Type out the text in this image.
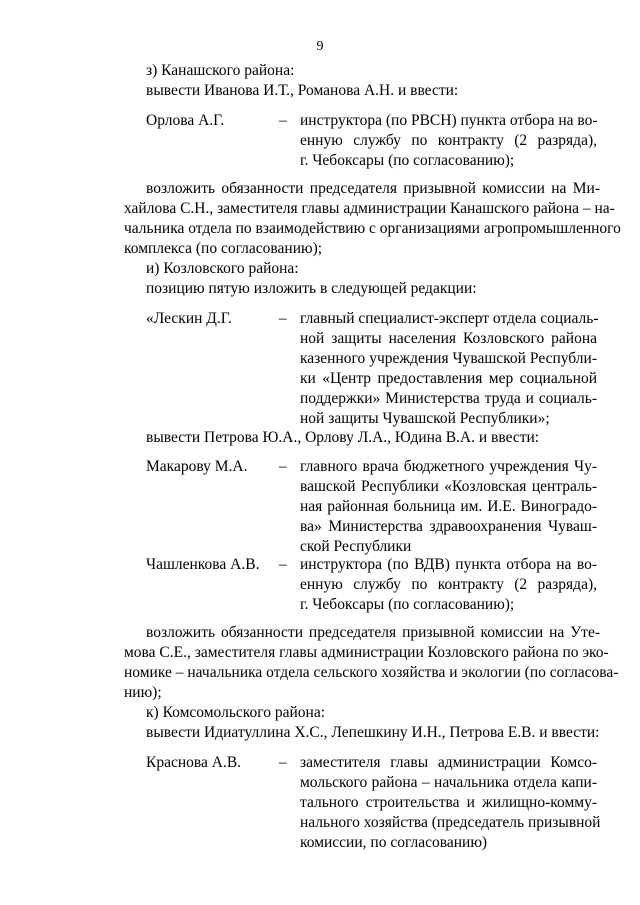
9
з) Канашского района:
вывести Иванова И.Т., Романова А.Н. и ввести:
Орлова А.Г.	– инструктора (по РВСН) пункта отбора на во-
енную службу по контракту (2 разряда),
г. Чебоксары (по согласованию);
возложить обязанности председателя призывной комиссии на Ми-
хайлова С.Н., заместителя главы администрации Канашского района – на-
чальника отдела по взаимодействию с организациями агропромышленного
комплекса (по согласованию);
и) Козловского района:
позицию пятую изложить в следующей редакции:
«Лескин Д.Г.	– главный специалист-эксперт отдела социаль-
ной защиты населения Козловского района
казенного учреждения Чувашской Республи-
ки «Центр предоставления мер социальной
поддержки» Министерства труда и социаль-
ной защиты Чувашской Республики»;
вывести Петрова Ю.А., Орлову Л.А., Юдина В.А. и ввести:
Макарову М.А. – главного врача бюджетного учреждения Чу-
вашской Республики «Козловская централь-
ная районная больница им. И.Е. Виноградо-
ва» Министерства здравоохранения Чуваш-
ской Республики
Чашленкова А.В. – инструктора (по ВДВ) пункта отбора на во-
енную службу по контракту (2 разряда),
г. Чебоксары (по согласованию);
возложить обязанности председателя призывной комиссии на Уте-
мова С.Е., заместителя главы администрации Козловского района по эко-
номике – начальника отдела сельского хозяйства и экологии (по согласова-
нию);
к) Комсомольского района:
вывести Идиатуллина Х.С., Лепешкину И.Н., Петрова Е.В. и ввести:
Краснова А.В. – заместителя главы администрации Комсо-
мольского района – начальника отдела капи-
тального строительства и жилищно-комму-
нального хозяйства (председатель призывной
комиссии, по согласованию)
